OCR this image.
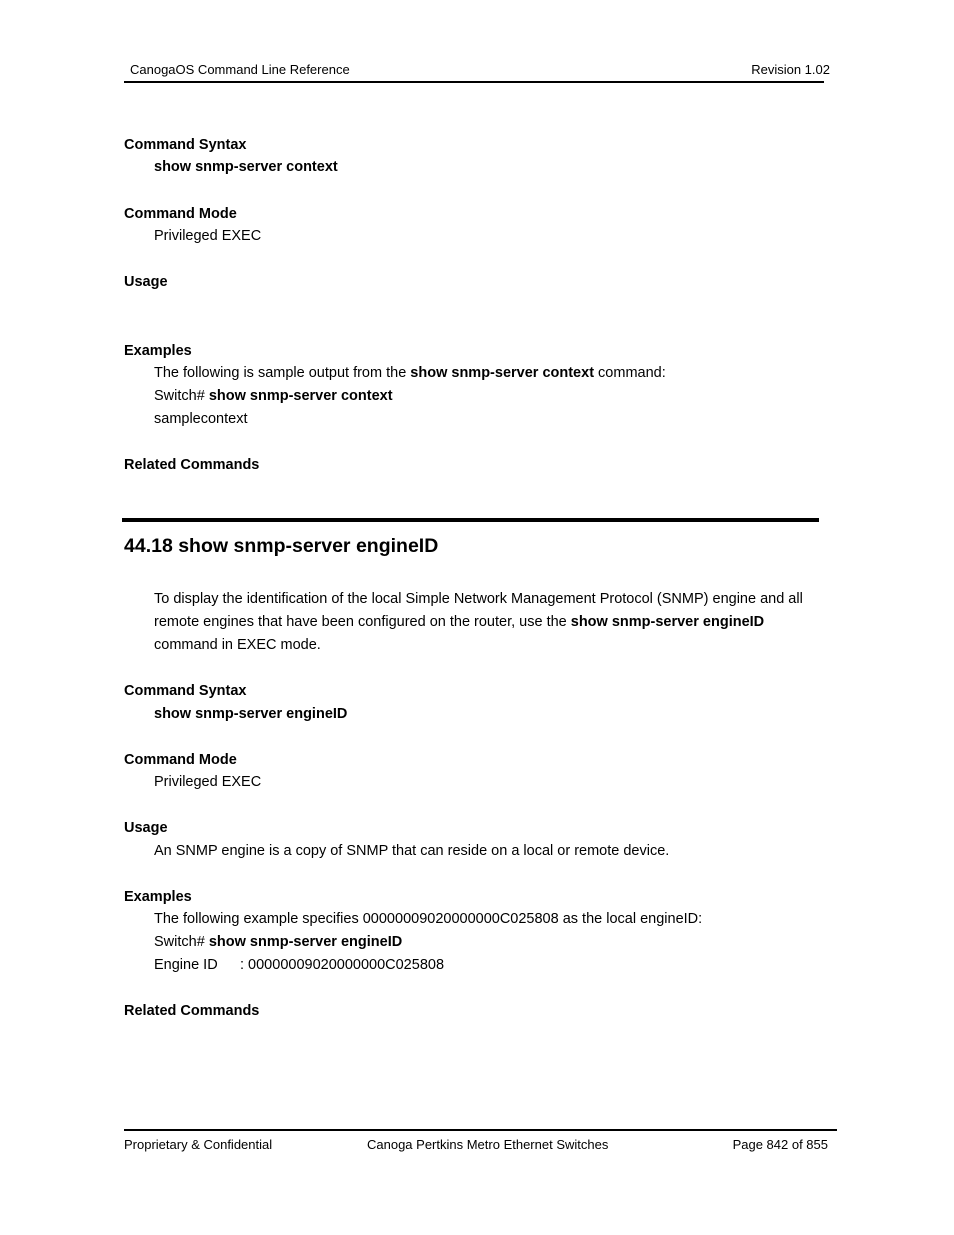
CanogaOS Command Line Reference	Revision 1.02
Command Syntax
show snmp-server context
Command Mode
Privileged EXEC
Usage
Examples
The following is sample output from the show snmp-server context command:
Switch# show snmp-server context
samplecontext
Related Commands
44.18 show snmp-server engineID
To display the identification of the local Simple Network Management Protocol (SNMP) engine and all
remote engines that have been configured on the router, use the show snmp-server engineID
command in EXEC mode.
Command Syntax
show snmp-server engineID
Command Mode
Privileged EXEC
Usage
An SNMP engine is a copy of SNMP that can reside on a local or remote device.
Examples
The following example specifies 00000009020000000C025808 as the local engineID:
Switch# show snmp-server engineID
Engine ID : 00000009020000000C025808
Related Commands
Proprietary & Confidential	Canoga Pertkins Metro Ethernet Switches	Page 842 of 855
